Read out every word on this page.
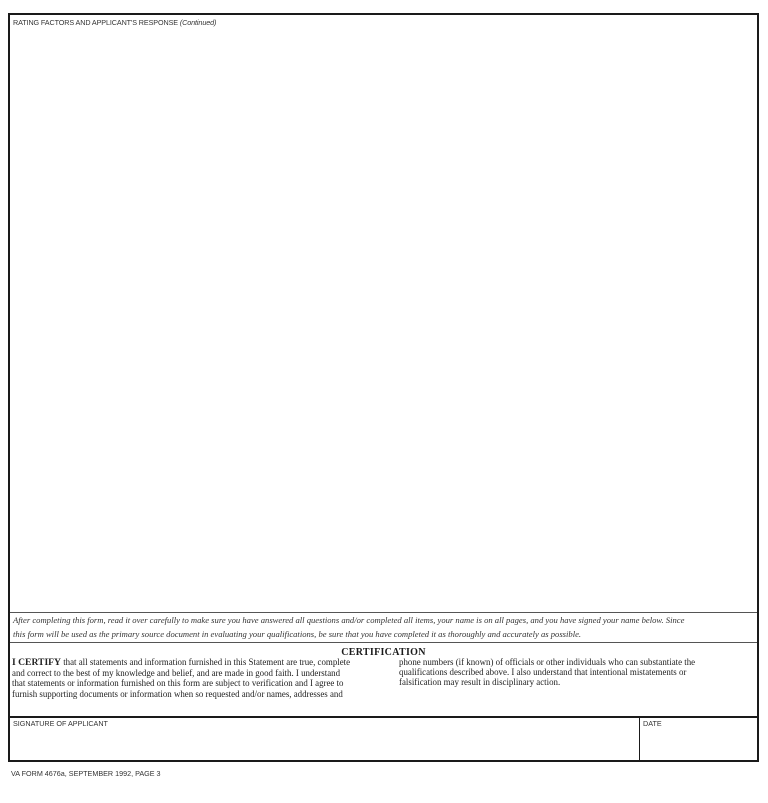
RATING FACTORS AND APPLICANT'S RESPONSE (Continued)
After completing this form, read it over carefully to make sure you have answered all questions and/or completed all items, your name is on all pages, and you have signed your name below. Since
this form will be used as the primary source document in evaluating your qualifications, be sure that you have completed it as thoroughly and accurately as possible.
CERTIFICATION
I CERTIFY that all statements and information furnished in this Statement are true, complete
and correct to the best of my knowledge and belief, and are made in good faith. I understand
that statements or information furnished on this form are subject to verification and I agree to
furnish supporting documents or information when so requested and/or names, addresses and
phone numbers (if known) of officials or other individuals who can substantiate the
qualifications described above. I also understand that intentional mistatements or
falsification may result in disciplinary action.
SIGNATURE OF APPLICANT	DATE
VA FORM 4676a, SEPTEMBER 1992, PAGE 3
